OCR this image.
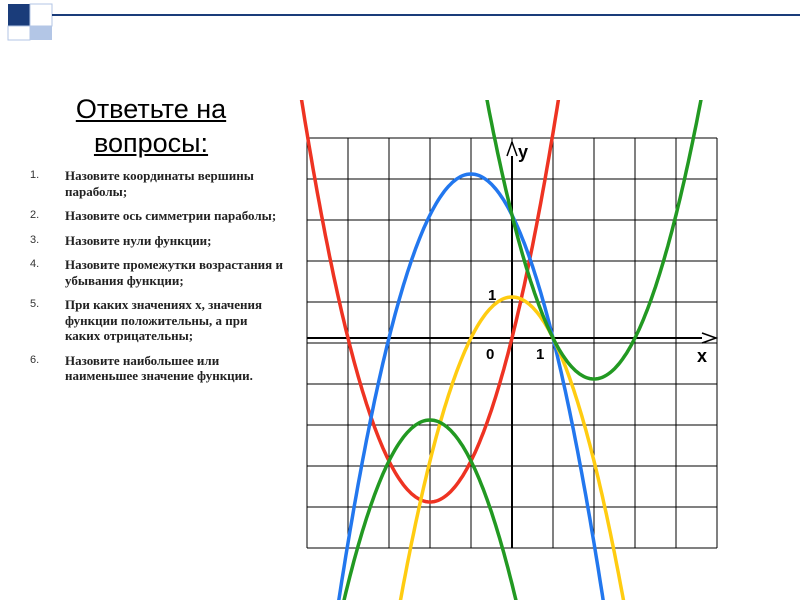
Ответьте на вопросы:
1. Назовите координаты вершины параболы;
2. Назовите ось симметрии параболы;
3. Назовите нули функции;
4. Назовите промежутки возрастания и убывания функции;
5. При каких значениях х, значения функции положительны, а при каких отрицательны;
6. Назовите наибольшее или наименьшее значение функции.
y
x
0	1
1
